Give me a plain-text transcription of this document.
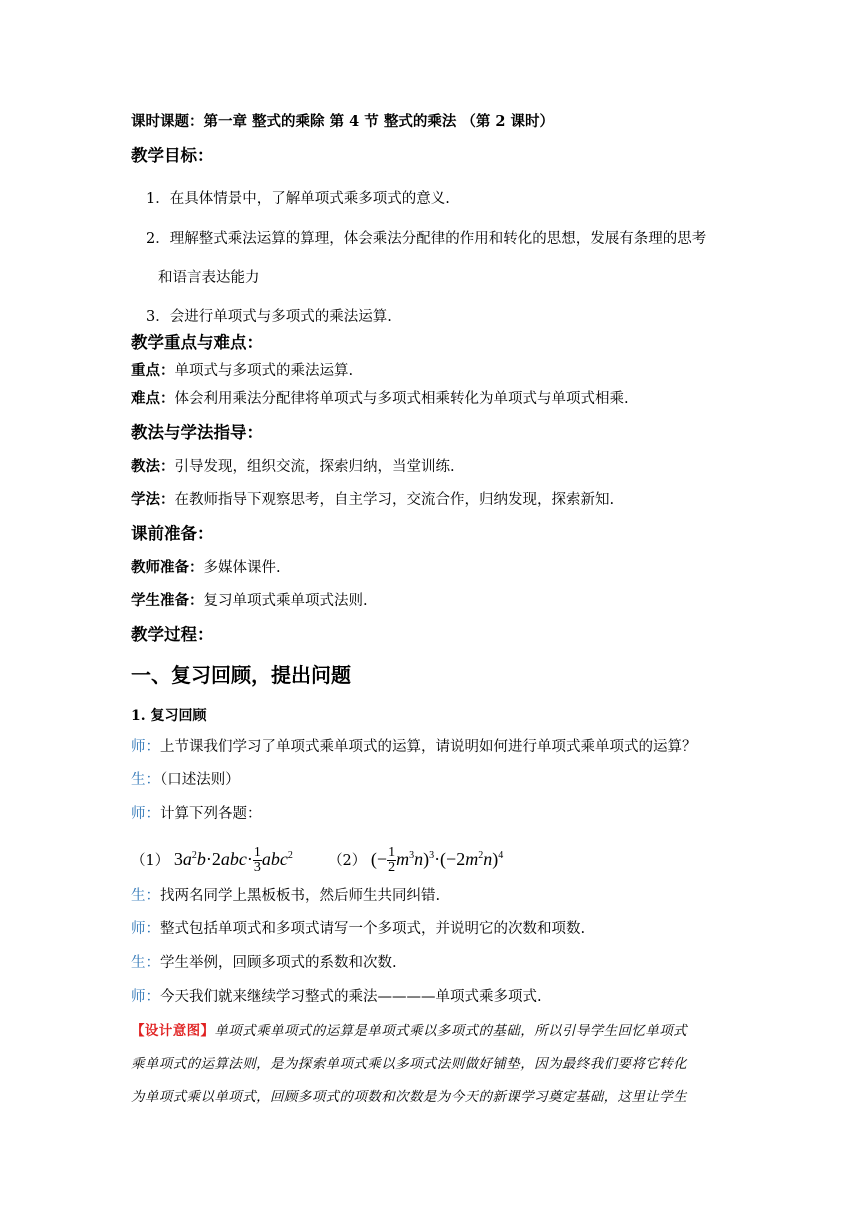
课时课题：第一章 整式的乘除 第 4 节 整式的乘法 （第 2 课时）
教学目标：
1．在具体情景中，了解单项式乘多项式的意义.
2．理解整式乘法运算的算理，体会乘法分配律的作用和转化的思想，发展有条理的思考
和语言表达能力
3．会进行单项式与多项式的乘法运算.
教学重点与难点：
重点：单项式与多项式的乘法运算.
难点：体会利用乘法分配律将单项式与多项式相乘转化为单项式与单项式相乘.
教法与学法指导：
教法：引导发现，组织交流，探索归纳，当堂训练.
学法：在教师指导下观察思考，自主学习，交流合作，归纳发现，探索新知.
课前准备：
教师准备：多媒体课件.
学生准备：复习单项式乘单项式法则.
教学过程：
一、复习回顾，提出问题
1. 复习回顾
师：上节课我们学习了单项式乘单项式的运算，请说明如何进行单项式乘单项式的运算？
生：（口述法则）
师：计算下列各题：
（1） $3a^2b\cdot 2abc\cdot \frac{1}{3} abc^2$ （2） (− $\frac{1}{2} m^3n)^3\cdot(-2m^2n)^4$
生：找两名同学上黑板板书，然后师生共同纠错.
师：整式包括单项式和多项式请写一个多项式，并说明它的次数和项数.
生：学生举例，回顾多项式的系数和次数.
师：今天我们就来继续学习整式的乘法————单项式乘多项式.
【设计意图】单项式乘单项式的运算是单项式乘以多项式的基础，所以引导学生回忆单项式
乘单项式的运算法则，是为探索单项式乘以多项式法则做好铺垫，因为最终我们要将它转化
为单项式乘以单项式，回顾多项式的项数和次数是为今天的新课学习奠定基础，这里让学生
